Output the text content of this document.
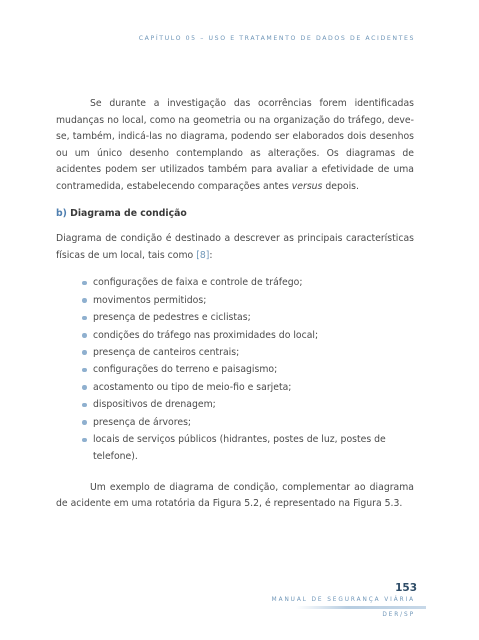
CAPÍTULO 05 – USO E TRATAMENTO DE DADOS DE ACIDENTES

Se durante a investigação das ocorrências forem identificadas mudanças no local, como na geometria ou na organização do tráfego, deve-se, também, indicá-las no diagrama, podendo ser elaborados dois desenhos ou um único desenho contemplando as alterações. Os diagramas de acidentes podem ser utilizados também para avaliar a efetividade de uma contramedida, estabelecendo comparações antes versus depois.

b) Diagrama de condição

Diagrama de condição é destinado a descrever as principais características físicas de um local, tais como [8]:

configurações de faixa e controle de tráfego;
movimentos permitidos;
presença de pedestres e ciclistas;
condições do tráfego nas proximidades do local;
presença de canteiros centrais;
configurações do terreno e paisagismo;
acostamento ou tipo de meio-fio e sarjeta;
dispositivos de drenagem;
presença de árvores;
locais de serviços públicos (hidrantes, postes de luz, postes de telefone).

Um exemplo de diagrama de condição, complementar ao diagrama de acidente em uma rotatória da Figura 5.2, é representado na Figura 5.3.

153
MANUAL DE SEGURANÇA VIÁRIA
DER/SP
